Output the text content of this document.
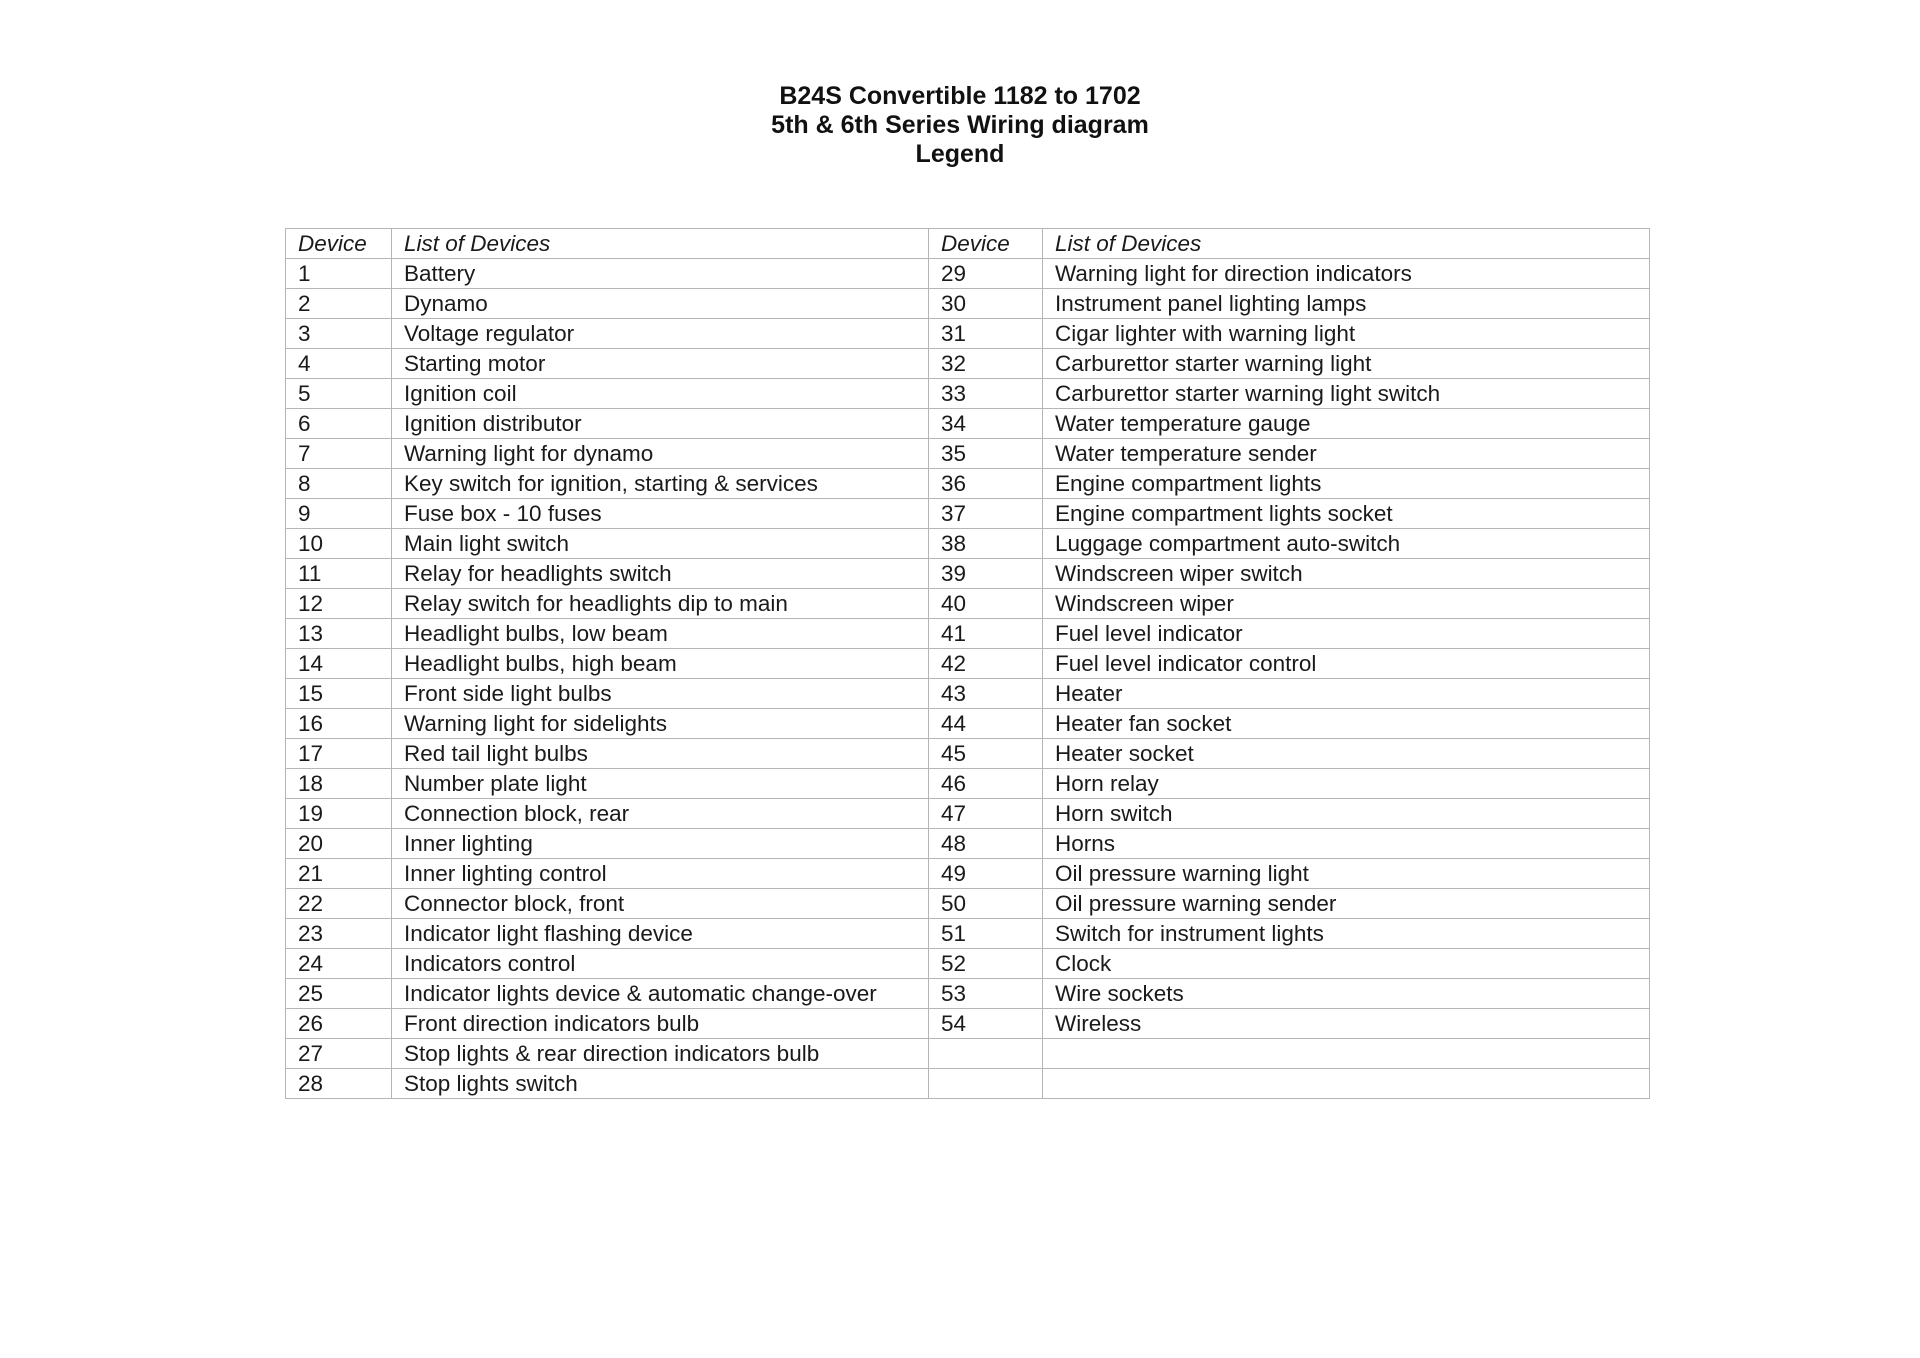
B24S Convertible 1182 to 1702
5th & 6th Series Wiring diagram
Legend
Device	List of Devices	Device	List of Devices
1	Battery	29	Warning light for direction indicators
2	Dynamo	30	Instrument panel lighting lamps
3	Voltage regulator	31	Cigar lighter with warning light
4	Starting motor	32	Carburettor starter warning light
5	Ignition coil	33	Carburettor starter warning light switch
6	Ignition distributor	34	Water temperature gauge
7	Warning light for dynamo	35	Water temperature sender
8	Key switch for ignition, starting & services	36	Engine compartment lights
9	Fuse box - 10 fuses	37	Engine compartment lights socket
10	Main light switch	38	Luggage compartment auto-switch
11	Relay for headlights switch	39	Windscreen wiper switch
12	Relay switch for headlights dip to main	40	Windscreen wiper
13	Headlight bulbs, low beam	41	Fuel level indicator
14	Headlight bulbs, high beam	42	Fuel level indicator control
15	Front side light bulbs	43	Heater
16	Warning light for sidelights	44	Heater fan socket
17	Red tail light bulbs	45	Heater socket
18	Number plate light	46	Horn relay
19	Connection block, rear	47	Horn switch
20	Inner lighting	48	Horns
21	Inner lighting control	49	Oil pressure warning light
22	Connector block, front	50	Oil pressure warning sender
23	Indicator light flashing device	51	Switch for instrument lights
24	Indicators control	52	Clock
25	Indicator lights device & automatic change-over	53	Wire sockets
26	Front direction indicators bulb	54	Wireless
27	Stop lights & rear direction indicators bulb		
28	Stop lights switch		
